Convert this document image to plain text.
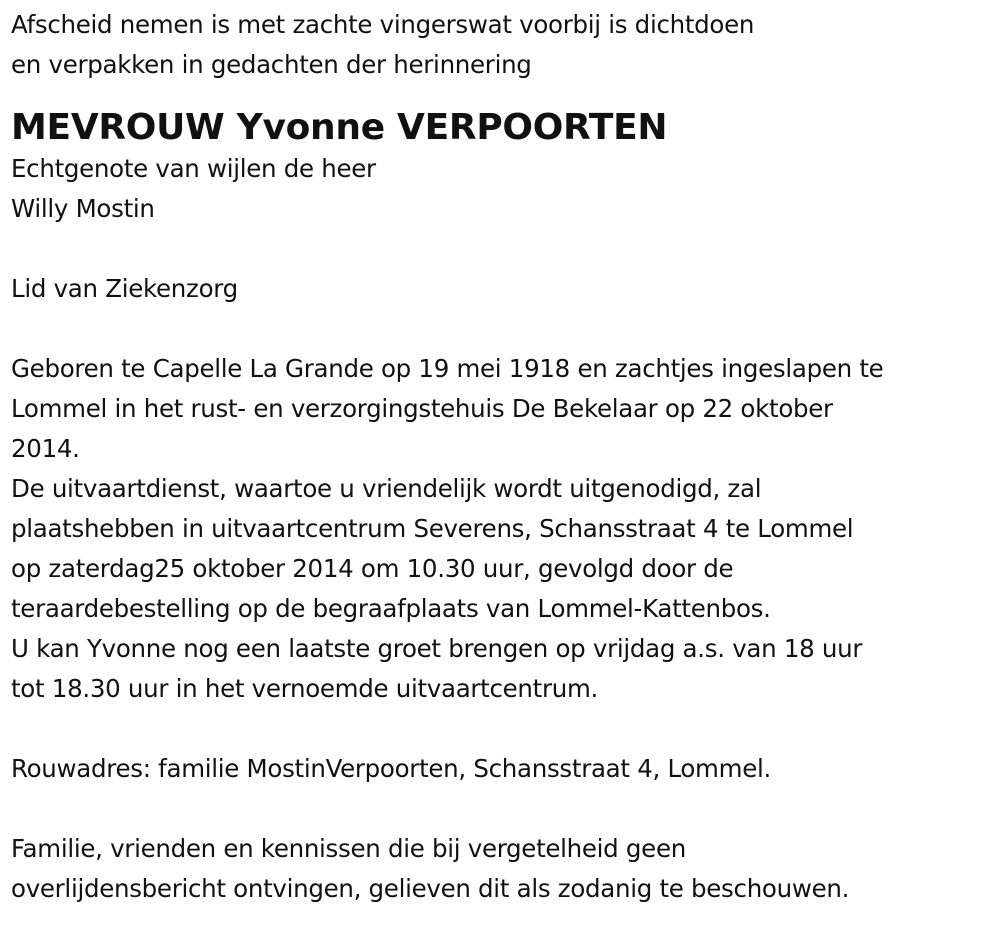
Afscheid nemen is met zachte vingerswat voorbij is dichtdoen
en verpakken in gedachten der herinnering
MEVROUW Yvonne VERPOORTEN
Echtgenote van wijlen de heer
Willy Mostin
Lid van Ziekenzorg
Geboren te Capelle La Grande op 19 mei 1918 en zachtjes ingeslapen te
Lommel in het rust- en verzorgingstehuis De Bekelaar op 22 oktober
2014.
De uitvaartdienst, waartoe u vriendelijk wordt uitgenodigd, zal
plaatshebben in uitvaartcentrum Severens, Schansstraat 4 te Lommel
op zaterdag25 oktober 2014 om 10.30 uur, gevolgd door de
teraardebestelling op de begraafplaats van Lommel-Kattenbos.
U kan Yvonne nog een laatste groet brengen op vrijdag a.s. van 18 uur
tot 18.30 uur in het vernoemde uitvaartcentrum.
Rouwadres: familie MostinVerpoorten, Schansstraat 4, Lommel.
Familie, vrienden en kennissen die bij vergetelheid geen
overlijdensbericht ontvingen, gelieven dit als zodanig te beschouwen.
